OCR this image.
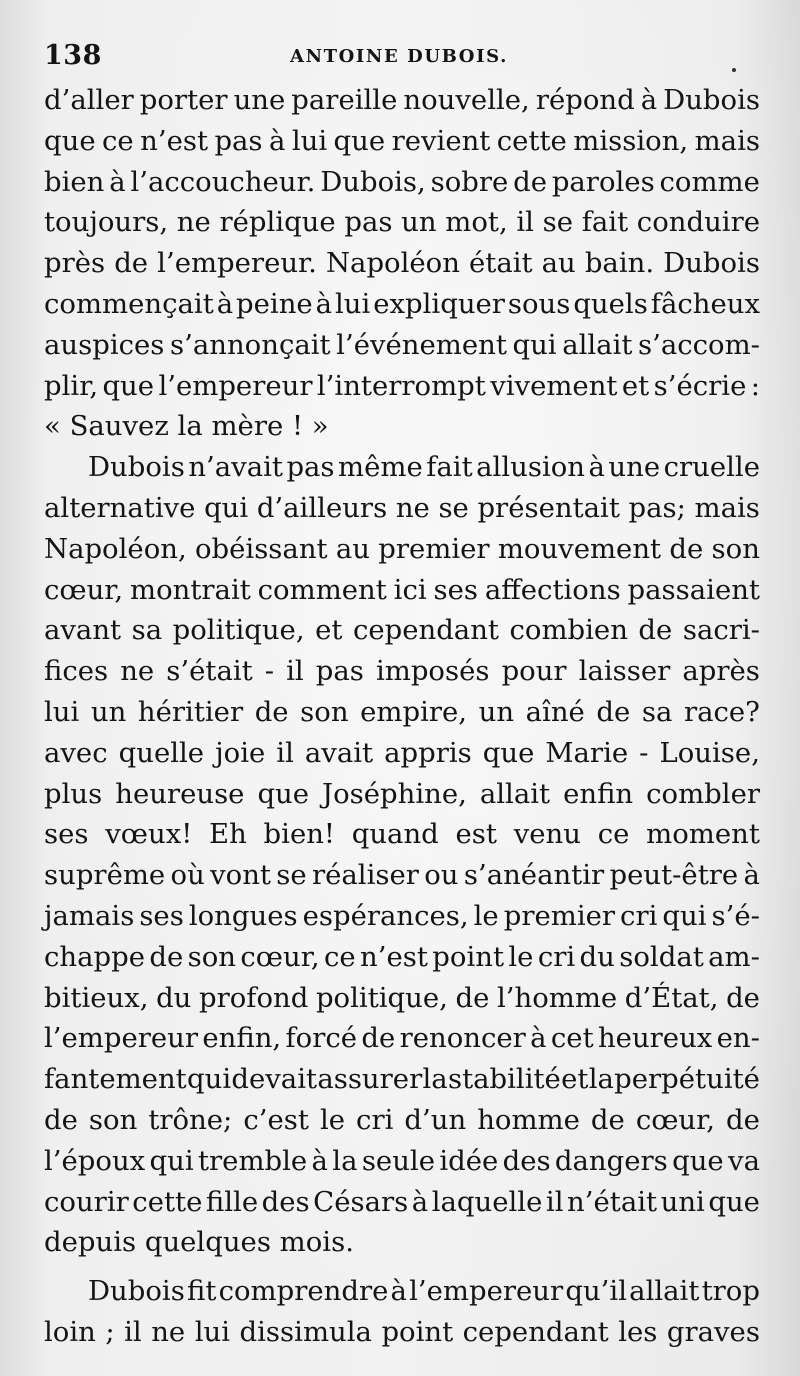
138	ANTOINE DUBOIS.
d’aller porter une pareille nouvelle, répond à Dubois
que ce n’est pas à lui que revient cette mission, mais
bien à l’accoucheur. Dubois, sobre de paroles comme
toujours, ne réplique pas un mot, il se fait conduire
près de l’empereur. Napoléon était au bain. Dubois
commençait à peine à lui expliquer sous quels fâcheux
auspices s’annonçait l’événement qui allait s’accom-
plir, que l’empereur l’interrompt vivement et s’écrie :
« Sauvez la mère ! »
Dubois n’avait pas même fait allusion à une cruelle
alternative qui d’ailleurs ne se présentait pas; mais
Napoléon, obéissant au premier mouvement de son
cœur, montrait comment ici ses affections passaient
avant sa politique, et cependant combien de sacri-
fices ne s’était - il pas imposés pour laisser après
lui un héritier de son empire, un aîné de sa race?
avec quelle joie il avait appris que Marie - Louise,
plus heureuse que Joséphine, allait enfin combler
ses vœux! Eh bien! quand est venu ce moment
suprême où vont se réaliser ou s’anéantir peut-être à
jamais ses longues espérances, le premier cri qui s’é-
chappe de son cœur, ce n’est point le cri du soldat am-
bitieux, du profond politique, de l’homme d’État, de
l’empereur enfin, forcé de renoncer à cet heureux en-
fantement qui devait assurer la stabilité et la perpétuité
de son trône; c’est le cri d’un homme de cœur, de
l’époux qui tremble à la seule idée des dangers que va
courir cette fille des Césars à laquelle il n’était uni que
depuis quelques mois.
Dubois fit comprendre à l’empereur qu’il allait trop
loin ; il ne lui dissimula point cependant les graves
